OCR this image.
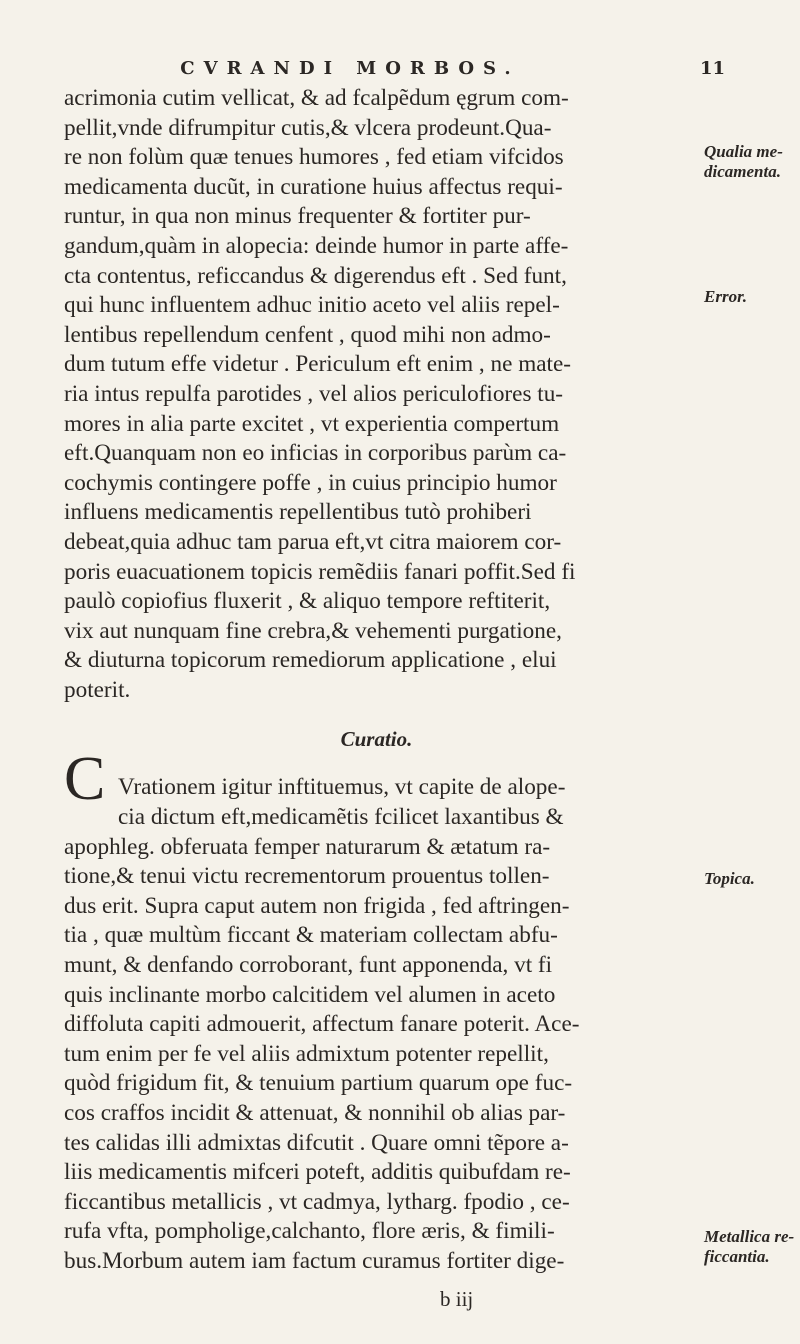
CVRANDI MORBOS.	11
acrimonia cutim vellicat, & ad fcalpẽdum ęgrum com-
pellit,vnde difrumpitur cutis,& vlcera prodeunt.Qua-
re non folùm quæ tenues humores , fed etiam vifcidos
medicamenta ducũt, in curatione huius affectus requi-
runtur, in qua non minus frequenter & fortiter pur-
gandum,quàm in alopecia: deinde humor in parte affe-
cta contentus, reficcandus & digerendus eft . Sed funt,
qui hunc influentem adhuc initio aceto vel aliis repel-
lentibus repellendum cenfent , quod mihi non admo-
dum tutum effe videtur . Periculum eft enim , ne mate-
ria intus repulfa parotides , vel alios periculofiores tu-
mores in alia parte excitet , vt experientia compertum
eft.Quanquam non eo inficias in corporibus parùm ca-
cochymis contingere poffe , in cuius principio humor
influens medicamentis repellentibus tutò prohiberi
debeat,quia adhuc tam parua eft,vt citra maiorem cor-
poris euacuationem topicis remẽdiis fanari poffit.Sed fi
paulò copiofius fluxerit , & aliquo tempore reftiterit,
vix aut nunquam fine crebra,& vehementi purgatione,
& diuturna topicorum remediorum applicatione , elui
poterit.
Curatio.
Vrationem igitur inftituemus, vt capite de alope-
cia dictum eft,medicamẽtis fcilicet laxantibus &
apophleg. obferuata femper naturarum & ætatum ra-
tione,& tenui victu recrementorum prouentus tollen-
dus erit. Supra caput autem non frigida , fed aftringen-
tia , quæ multùm ficcant & materiam collectam abfu-
munt, & denfando corroborant, funt apponenda, vt fi
quis inclinante morbo calcitidem vel alumen in aceto
diffoluta capiti admouerit, affectum fanare poterit. Ace-
tum enim per fe vel aliis admixtum potenter repellit,
quòd frigidum fit, & tenuium partium quarum ope fuc-
cos craffos incidit & attenuat, & nonnihil ob alias par-
tes calidas illi admixtas difcutit . Quare omni tẽpore a-
liis medicamentis mifceri poteft, additis quibufdam re-
ficcantibus metallicis , vt cadmya, lytharg. fpodio , ce-
rufa vfta, pompholige,calchanto, flore æris, & fimili-
bus.Morbum autem iam factum curamus fortiter dige-
C
Qualia me-
dicamenta.
Error.
Topica.
Metallica re-
ficcantia.
b iij
